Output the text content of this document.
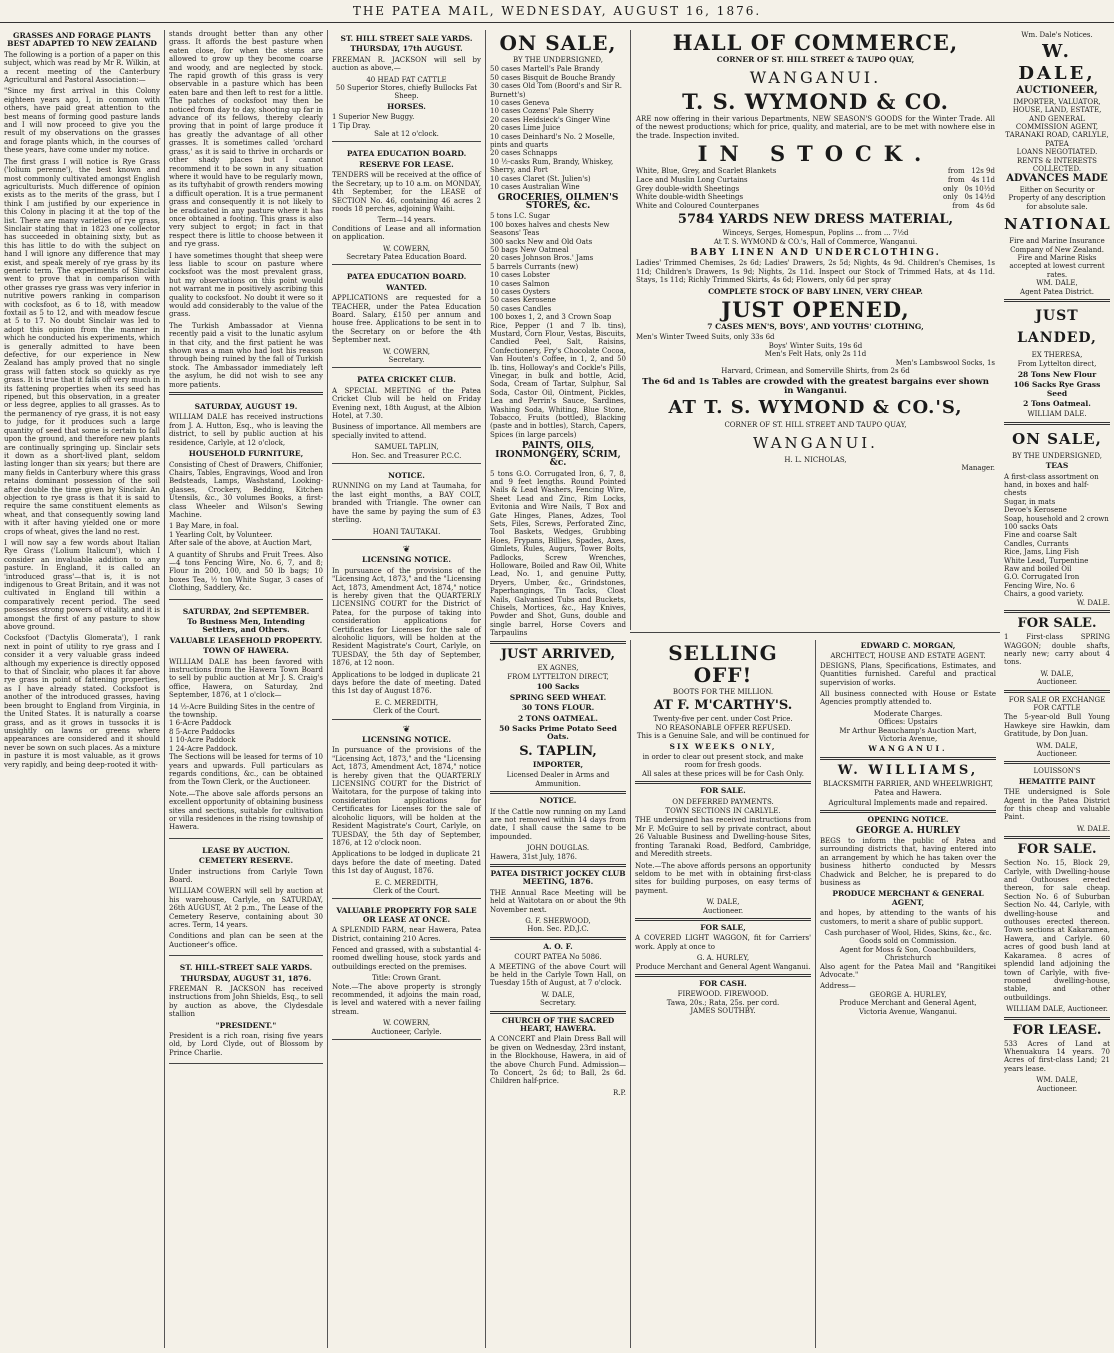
THE PATEA MAIL, WEDNESDAY, AUGUST 16, 1876.
GRASSES AND FORAGE PLANTS BEST ADAPTED TO NEW ZEALAND

The following is a portion of a paper on this subject, which was read by Mr R. Wilkin, at a recent meeting of the Canterbury Agricultural and Pastoral Association:—

"Since my first arrival in this Colony eighteen years ago, I, in common with others, have paid great attention to the best means of forming good pasture lands and I will now proceed to give you the result of my observations on the grasses and forage plants which, in the courses of these years, have come under my notice.

The first grass I will notice is Rye Grass ('lolium perenne'), the best known and most commonly cultivated amongst English agriculturists. Much difference of opinion exists as to the merits of the grass, but I think I am justified by our experience in this Colony in placing it at the top of the list. There are many varieties of rye grass, Sinclair stating that in 1823 one collector has succeeded in obtaining sixty, but as this has little to do with the subject on hand I will ignore any difference that may exist, and speak merely of rye grass by its generic term. The experiments of Sinclair went to prove that in comparison with other grasses rye grass was very inferior in nutritive powers ranking in comparison with cocksfoot, as 6 to 18, with meadow foxtail as 5 to 12, and with meadow fescue at 5 to 17. No doubt Sinclair was led to adopt this opinion from the manner in which he conducted his experiments, which is generally admitted to have been defective, for our experience in New Zealand has amply proved that no single grass will fatten stock so quickly as rye grass. It is true that it falls off very much in its fattening properties when its seed has ripened, but this observation, in a greater or less degree, applies to all grasses. As to the permanency of rye grass, it is not easy to judge, for it produces such a large quantity of seed that some is certain to fall upon the ground, and therefore new plants are continually springing up. Sinclair sets it down as a short-lived plant, seldom lasting longer than six years; but there are many fields in Canterbury where this grass retains dominant possession of the soil after double the time given by Sinclair. An objection to rye grass is that it is said to require the same constituent elements as wheat, and that consequently sowing land with it after having yielded one or more crops of wheat, gives the land no rest.

I will now say a few words about Italian Rye Grass ('Lolium Italicum'), which I consider an invaluable addition to any pasture. In England, it is called an 'introduced grass'—that is, it is not indigenous to Great Britain, and it was not cultivated in England till within a comparatively recent period. The seed possesses strong powers of vitality, and it is amongst the first of any pasture to show above ground.

Cocksfoot ('Dactylis Glomerata'), I rank next in point of utility to rye grass and I consider it a very valuable grass indeed although my experience is directly opposed to that of Sinclair, who places it far above rye grass in point of fattening properties, as I have already stated. Cocksfoot is another of the introduced grasses, having been brought to England from Virginia, in the United States. It is naturally a coarse grass, and as it grows in tussocks it is unsightly on lawns or greens where appearances are considered and it should never be sown on such places. As a mixture in pasture it is most valuable, as it grows very rapidly, and being deep-rooted it with-

stands drought better than any other grass. It affords the best pasture when eaten close, for when the stems are allowed to grow up they become coarse and woody, and are neglected by stock. The rapid growth of this grass is very observable in a pasture which has been eaten bare and then left to rest for a little. The patches of cocksfoot may then be noticed from day to day, shooting up far in advance of its fellows, thereby clearly proving that in point of large produce it has greatly the advantage of all other grasses. It is sometimes called 'orchard grass,' as it is said to thrive in orchards or other shady places but I cannot recommend it to be sown in any situation where it would have to be regularly mown, as its tuftyhabit of growth renders mowing a difficult operation. It is a true permanent grass and consequently it is not likely to be eradicated in any pasture where it has once obtained a footing. This grass is also very subject to ergot; in fact in that respect there is little to choose between it and rye grass.

I have sometimes thought that sheep were less liable to scour on pasture where cocksfoot was the most prevalent grass, but my observations on this point would not warrant me in positively ascribing this quality to cocksfoot. No doubt it were so it would add considerably to the value of the grass.

The Turkish Ambassador at Vienna recently paid a visit to the lunatic asylum in that city, and the first patient he was shown was a man who had lost his reason through being ruined by the fall of Turkish stock. The Ambassador immediately left the asylum, he did not wish to see any more patients.

SATURDAY, AUGUST 19.

WILLIAM DALE has received instructions from J. A. Hutton, Esq., who is leaving the district, to sell by public auction at his residence, Carlyle, at 12 o'clock,

HOUSEHOLD FURNITURE,

Consisting of Chest of Drawers, Chiffonier, Chairs, Tables, Engravings, Wood and Iron Bedsteads, Lamps, Washstand, Looking-glasses, Crockery, Bedding, Kitchen Utensils, &c., 30 volumes Books, a first-class Wheeler and Wilson's Sewing Machine.

1 Bay Mare, in foal.
1 Yearling Colt, by Volunteer.

After sale of the above, at Auction Mart,

A quantity of Shrubs and Fruit Trees. Also—4 tons Fencing Wire, No. 6, 7, and 8; Flour in 200, 100, and 50 lb bags; 10 boxes Tea, ½ ton White Sugar, 3 cases of Clothing, Saddlery, &c.

SATURDAY, 2nd SEPTEMBER.
To Business Men, Intending Settlers, and Others.
VALUABLE LEASEHOLD PROPERTY.
TOWN OF HAWERA.

WILLIAM DALE has been favored with instructions from the Hawera Town Board to sell by public auction at Mr J. S. Craig's office, Hawera, on Saturday, 2nd September, 1876, at 1 o'clock—

14 ½-Acre Building Sites in the centre of the township.
1 6-Acre Paddock
8 5-Acre Paddocks
1 10-Acre Paddock
1 24-Acre Paddock.

The Sections will be leased for terms of 10 years and upwards. Full particulars as regards conditions, &c., can be obtained from the Town Clerk, or the Auctioneer.

Note.—The above sale affords persons an excellent opportunity of obtaining business sites and sections, suitable for cultivation or villa residences in the rising township of Hawera.

LEASE BY AUCTION.
CEMETERY RESERVE.

Under instructions from Carlyle Town Board.

WILLIAM COWERN will sell by auction at his warehouse, Carlyle, on SATURDAY, 26th AUGUST, At 2 p.m., The Lease of the Cemetery Reserve, containing about 30 acres. Term, 14 years.

Conditions and plan can be seen at the Auctioneer's office.

ST. HILL-STREET SALE YARDS.
THURSDAY, AUGUST 31, 1876.

FREEMAN R. JACKSON has received instructions from John Shields, Esq., to sell by auction as above, the Clydesdale stallion

"PRESIDENT."

President is a rich roan, rising five years old, by Lord Clyde, out of Blossom by Prince Charlie.

ST. HILL STREET SALE YARDS.
THURSDAY, 17th AUGUST.

FREEMAN R. JACKSON will sell by auction as above,—

40 HEAD FAT CATTLE
50 Superior Stores, chiefly Bullocks Fat Sheep.
HORSES.
1 Superior New Buggy.
1 Tip Dray.
Sale at 12 o'clock.
PATEA EDUCATION BOARD.
RESERVE FOR LEASE.

TENDERS will be received at the office of the Secretary, up to 10 a.m. on MONDAY, 4th September, for the LEASE of SECTION No. 46, containing 46 acres 2 roods 18 perches, adjoining Waihi.

Term—14 years.

Conditions of Lease and all information on application.

W. COWERN,
Secretary Patea Education Board.
PATEA EDUCATION BOARD.
WANTED.

APPLICATIONS are requested for a TEACHER, under the Patea Education Board. Salary, £150 per annum and house free. Applications to be sent in to the Secretary on or before the 4th September next.

W. COWERN,
Secretary.
PATEA CRICKET CLUB.

A SPECIAL MEETING of the Patea Cricket Club will be held on Friday Evening next, 18th August, at the Albion Hotel, at 7.30.

Business of importance. All members are specially invited to attend.

SAMUEL TAPLIN,
Hon. Sec. and Treasurer P.C.C.
NOTICE.

RUNNING on my Land at Taumaha, for the last eight months, a BAY COLT, branded with Triangle. The owner can have the same by paying the sum of £3 sterling.

HOANI TAUTAKAI.
❦
LICENSING NOTICE.

In pursuance of the provisions of the "Licensing Act, 1873," and the "Licensing Act, 1873, Amendment Act, 1874," notice is hereby given that the QUARTERLY LICENSING COURT for the District of Patea, for the purpose of taking into consideration applications for Certificates for Licenses for the sale of alcoholic liquors, will be holden at the Resident Magistrate's Court, Carlyle, on TUESDAY, the 5th day of September, 1876, at 12 noon.

Applications to be lodged in duplicate 21 days before the date of meeting. Dated this 1st day of August 1876.

E. C. MEREDITH,
Clerk of the Court.
❦
LICENSING NOTICE.

In pursuance of the provisions of the "Licensing Act, 1873," and the "Licensing Act, 1873, Amendment Act, 1874," notice is hereby given that the QUARTERLY LICENSING COURT for the District of Waitotara, for the purpose of taking into consideration applications for Certificates for Licenses for the sale of alcoholic liquors, will be holden at the Resident Magistrate's Court, Carlyle, on TUESDAY, the 5th day of September, 1876, at 12 o'clock noon.

Applications to be lodged in duplicate 21 days before the date of meeting. Dated this 1st day of August, 1876.

E. C. MEREDITH,
Clerk of the Court.
VALUABLE PROPERTY FOR SALE OR LEASE AT ONCE.

A SPLENDID FARM, near Hawera, Patea District, containing 210 Acres.

Fenced and grassed, with a substantial 4-roomed dwelling house, stock yards and outbuildings erected on the premises.

Title: Crown Grant.

Note.—The above property is strongly recommended, it adjoins the main road, is level and watered with a never failing stream.

W. COWERN,
Auctioneer, Carlyle.
ON SALE,
BY THE UNDERSIGNED,
50 cases Martell's Pale Brandy
50 cases Bisquit de Bouche Brandy
30 cases Old Tom (Boord's and Sir R. Burnett's)
10 cases Geneva
10 cases Cozens' Pale Sherry
20 cases Heidsieck's Ginger Wine
20 cases Lime Juice
10 cases Deinhard's No. 2 Moselle, pints and quarts
20 cases Schnapps
10 ½-casks Rum, Brandy, Whiskey, Sherry, and Port
10 cases Claret (St. Julien's)
10 cases Australian Wine
GROCERIES, OILMEN'S STORES, &c.
5 tons I.C. Sugar
100 boxes halves and chests New Seasons' Teas
300 sacks New and Old Oats
50 bags New Oatmeal
20 cases Johnson Bros.' Jams
5 barrels Currants (new)
10 cases Lobster
10 cases Salmon
10 cases Oysters
50 cases Kerosene
50 cases Candles
100 boxes 1, 2, and 3 Crown Soap

Rice, Pepper (1 and 7 lb. tins), Mustard, Corn Flour, Vestas, Biscuits, Candied Peel, Salt, Raisins, Confectionery, Fry's Chocolate Cocoa, Van Houten's Coffee, in 1, 2, and 50 lb. tins, Holloway's and Cockle's Pills, Vinegar, in bulk and bottle, Acid, Soda, Cream of Tartar, Sulphur, Sal Soda, Castor Oil, Ointment, Pickles, Lea and Perrin's Sauce, Sardines, Washing Soda, Whiting, Blue Stone, Tobacco, Fruits (bottled), Blacking (paste and in bottles), Starch, Capers, Spices (in large parcels)

PAINTS, OILS, IRONMONGERY, SCRIM, &c.

5 tons G.O. Corrugated Iron, 6, 7, 8, and 9 feet lengths. Round Pointed Nails & Lead Washers, Fencing Wire, Sheet Lead and Zinc, Rim Locks, Evitonia and Wire Nails, T Box and Gate Hinges, Planes, Adzes, Tool Sets, Files, Screws, Perforated Zinc, Tool Baskets, Wedges, Grubbing Hoes, Frypans, Billies, Spades, Axes, Gimlets, Rules, Augurs, Tower Bolts, Padlocks, Screw Wrenches, Holloware, Boiled and Raw Oil, White Lead, No. 1, and genuine Putty, Dryers, Umber, &c., Grindstones, Paperhangings, Tin Tacks, Cloat Nails, Galvanised Tubs and Buckets, Chisels, Mortices, &c., Hay Knives, Powder and Shot, Guns, double and single barrel, Horse Covers and Tarpaulins

JUST ARRIVED,
EX AGNES,
FROM LYTTELTON DIRECT,
100 Sacks
SPRING SEED WHEAT.
30 TONS FLOUR.
2 TONS OATMEAL.
50 Sacks Prime Potato Seed Oats.
S. TAPLIN,
IMPORTER,
Licensed Dealer in Arms and Ammunition.
NOTICE.

If the Cattle now running on my Land are not removed within 14 days from date, I shall cause the same to be impounded.

JOHN DOUGLAS.
Hawera, 31st July, 1876.
PATEA DISTRICT JOCKEY CLUB MEETING, 1876.

THE Annual Race Meeting will be held at Waitotara on or about the 9th November next.

G. F. SHERWOOD,
Hon. Sec. P.D.J.C.
A. O. F.
COURT PATEA No 5086.

A MEETING of the above Court will be held in the Carlyle Town Hall, on Tuesday 15th of August, at 7 o'clock.

W. DALE,
Secretary.
CHURCH OF THE SACRED HEART, HAWERA.

A CONCERT and Plain Dress Ball will be given on Wednesday, 23rd instant, in the Blockhouse, Hawera, in aid of the above Church Fund. Admission—To Concert, 2s 6d; to Ball, 2s 6d. Children half-price.

R.P.
HALL OF COMMERCE,
CORNER OF ST. HILL STREET & TAUPO QUAY,
WANGANUI.
T. S. WYMOND & CO.

ARE now offering in their various Departments, NEW SEASON'S GOODS for the Winter Trade. All of the newest productions; which for price, quality, and material, are to be met with nowhere else in the trade. Inspection invited.

IN STOCK.
White, Blue, Grey, and Scarlet Blankets	from 12s 9d
Lace and Muslin Long Curtains	from 4s 11d
Grey double-width Sheetings	only 0s 10½d
White double-width Sheetings	only 0s 14½d
White and Coloured Counterpanes	from 4s 6d
5784 YARDS NEW DRESS MATERIAL,
Winceys, Serges, Homespun, Poplins ... from ... 7½d
At T. S. WYMOND & CO.'s, Hall of Commerce, Wanganui.
BABY LINEN AND UNDERCLOTHING.

Ladies' Trimmed Chemises, 2s 6d; Ladies' Drawers, 2s 5d; Nights, 4s 9d. Children's Chemises, 1s 11d; Children's Drawers, 1s 9d; Nights, 2s 11d. Inspect our Stock of Trimmed Hats, at 4s 11d. Stays, 1s 11d; Richly Trimmed Skirts, 4s 6d; Flowers, only 6d per spray

COMPLETE STOCK OF BABY LINEN, VERY CHEAP.
JUST OPENED,
7 CASES MEN'S, BOYS', AND YOUTHS' CLOTHING,
Men's Winter Tweed Suits, only 33s 6d
Boys' Winter Suits, 19s 6d
Men's Felt Hats, only 2s 11d
Men's Lambswool Socks, 1s
Harvard, Crimean, and Somerville Shirts, from 2s 6d
The 6d and 1s Tables are crowded with the greatest bargains ever shown in Wanganui.
AT T. S. WYMOND & CO.'S,
CORNER OF ST. HILL STREET AND TAUPO QUAY,
WANGANUI.
H. L. NICHOLAS,
Manager.
SELLING OFF!
BOOTS FOR THE MILLION.
AT F. M'CARTHY'S.
Twenty-five per cent. under Cost Price.
NO REASONABLE OFFER REFUSED.
This is a Genuine Sale, and will be continued for
SIX WEEKS ONLY,
in order to clear out present stock, and make room for fresh goods.
All sales at these prices will be for Cash Only.
FOR SALE.
ON DEFERRED PAYMENTS.
TOWN SECTIONS IN CARLYLE.

THE undersigned has received instructions from Mr F. McGuire to sell by private contract, about 26 Valuable Business and Dwelling-house Sites, fronting Taranaki Road, Bedford, Cambridge, and Meredith streets.

Note.—The above affords persons an opportunity seldom to be met with in obtaining first-class sites for building purposes, on easy terms of payment.

W. DALE,
Auctioneer.
FOR SALE,

A COVERED LIGHT WAGGON, fit for Carriers' work. Apply at once to

G. A. HURLEY,
Produce Merchant and General Agent Wanganui.
FOR CASH.
FIREWOOD. FIREWOOD.
Tawa, 20s.; Rata, 25s. per cord.
JAMES SOUTHBY.
EDWARD C. MORGAN,
ARCHITECT, HOUSE AND ESTATE AGENT.

DESIGNS, Plans, Specifications, Estimates, and Quantities furnished. Careful and practical supervision of works.

All business connected with House or Estate Agencies promptly attended to.

Moderate Charges.
Offices: Upstairs
Mr Arthur Beauchamp's Auction Mart,
Victoria Avenue,
WANGANUI.
W. WILLIAMS,
BLACKSMITH FARRIER, AND WHEELWRIGHT,
Patea and Hawera.
Agricultural Implements made and repaired.
OPENING NOTICE.
GEORGE A. HURLEY

BEGS to inform the public of Patea and surrounding districts that, having entered into an arrangement by which he has taken over the business hitherto conducted by Messrs Chadwick and Belcher, he is prepared to do business as

PRODUCE MERCHANT & GENERAL AGENT,

and hopes, by attending to the wants of his customers, to merit a share of public support.

Cash purchaser of Wool, Hides, Skins, &c., &c.
Goods sold on Commission.
Agent for Moss & Son, Coachbuilders, Christchurch

Also agent for the Patea Mail and "Rangitikei Advocate."

Address—
GEORGE A. HURLEY,
Produce Merchant and General Agent,
Victoria Avenue, Wanganui.
Wm. Dale's Notices.
W. DALE,
AUCTIONEER,
IMPORTER, VALUATOR, HOUSE, LAND, ESTATE, AND GENERAL COMMISSION AGENT,
TARANAKI ROAD, CARLYLE, PATEA
LOANS NEGOTIATED.
RENTS & INTERESTS COLLECTED.
ADVANCES MADE
Either on Security or Property of any description for absolute sale.
NATIONAL
Fire and Marine Insurance Company of New Zealand.
Fire and Marine Risks accepted at lowest current rates.
WM. DALE,
Agent Patea District.
JUST LANDED,
EX THERESA,
From Lyttelton direct,
28 Tons New Flour
106 Sacks Rye Grass Seed
2 Tons Oatmeal.
WILLIAM DALE.
ON SALE,
BY THE UNDERSIGNED,
TEAS
A first-class assortment on hand, in boxes and half-chests
Sugar, in mats
Devoe's Kerosene
Soap, household and 2 crown
100 sacks Oats
Fine and coarse Salt
Candles, Currants
Rice, Jams, Ling Fish
White Lead, Turpentine
Raw and boiled Oil
G.O. Corrugated Iron
Fencing Wire, No. 6
Chairs, a good variety.
W. DALE.
FOR SALE.

1 First-class SPRING WAGGON; double shafts, nearly new; carry about 4 tons.

W. DALE,
Auctioneer.
FOR SALE OR EXCHANGE FOR CATTLE

The 5-year-old Bull Young Hawkeye sire Hawkin, dam Gratitude, by Don Juan.

WM. DALE,
Auctioneer.
LOUISSON'S
HEMATITE PAINT

THE undersigned is Sole Agent in the Patea District for this cheap and valuable Paint.

W. DALE.
FOR SALE.

Section No. 15, Block 29, Carlyle, with Dwelling-house and Outhouses erected thereon, for sale cheap. Section No. 6 of Suburban Section No. 44, Carlyle, with dwelling-house and outhouses erected thereon. Town sections at Kakaramea, Hawera, and Carlyle. 60 acres of good bush land at Kakaramea. 8 acres of splendid land adjoining the town of Carlyle, with five-roomed dwelling-house, stable, and other outbuildings.

WILLIAM DALE, Auctioneer.
FOR LEASE.

533 Acres of Land at Whenuakura 14 years. 70 Acres of first-class Land; 21 years lease.

WM. DALE,
Auctioneer.
